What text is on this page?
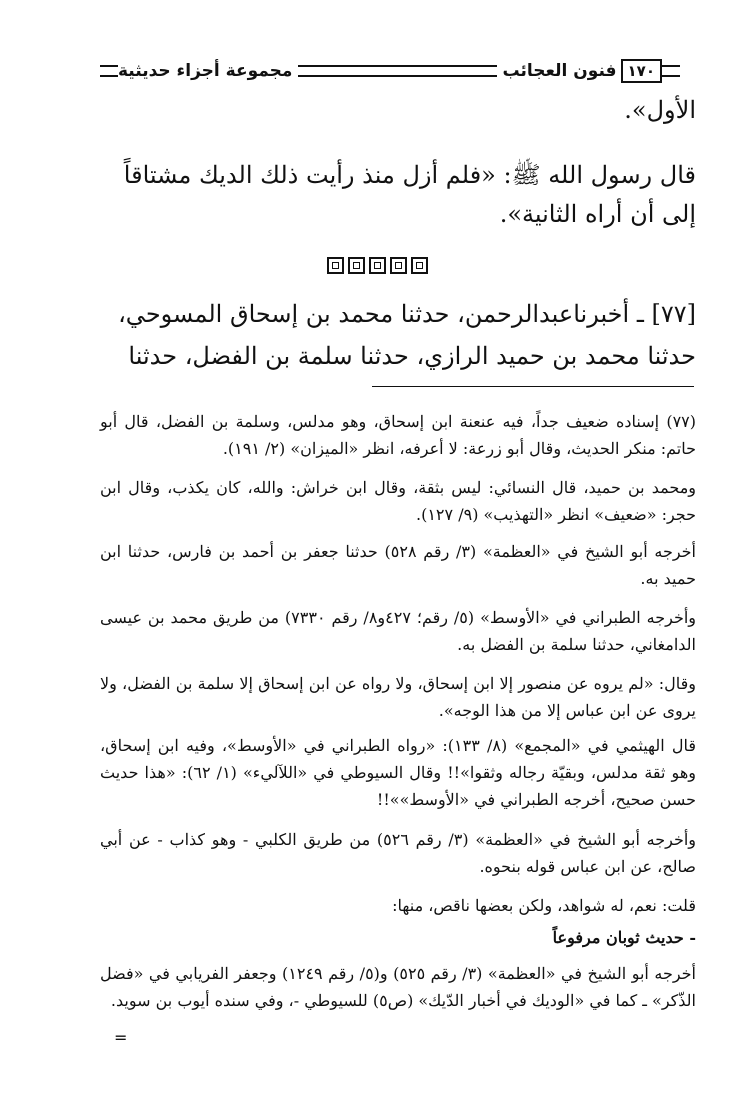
١٧٠
فنون العجائب
مجموعة أجزاء حديثية
الأول».
قال رسول الله ﷺ: «فلم أزل منذ رأيت ذلك الديك مشتاقاً
إلى أن أراه الثانية».
[٧٧] ـ أخبرناعبدالرحمن، حدثنا محمد بن إسحاق المسوحي،
حدثنا محمد بن حميد الرازي، حدثنا سلمة بن الفضل، حدثنا

(٧٧) إسناده ضعيف جداً، فيه عنعنة ابن إسحاق، وهو مدلس، وسلمة بن الفضل، قال أبو حاتم: منكر الحديث، وقال أبو زرعة: لا أعرفه، انظر «الميزان» (٢/ ١٩١).

ومحمد بن حميد، قال النسائي: ليس بثقة، وقال ابن خراش: والله، كان يكذب، وقال ابن حجر: «ضعيف» انظر «التهذيب» (٩/ ١٢٧).

أخرجه أبو الشيخ في «العظمة» (٣/ رقم ٥٢٨) حدثنا جعفر بن أحمد بن فارس، حدثنا ابن حميد به.

وأخرجه الطبراني في «الأوسط» (٥/ رقم؛ ٤٢٧و٨/ رقم ٧٣٣٠) من طريق محمد بن عيسى الدامغاني، حدثنا سلمة بن الفضل به.

وقال: «لم يروه عن منصور إلا ابن إسحاق، ولا رواه عن ابن إسحاق إلا سلمة بن الفضل، ولا يروى عن ابن عباس إلا من هذا الوجه».

قال الهيثمي في «المجمع» (٨/ ١٣٣): «رواه الطبراني في «الأوسط»، وفيه ابن إسحاق، وهو ثقة مدلس، وبقيّة رجاله وثقوا»!! وقال السيوطي في «اللآليء» (١/ ٦٢): «هذا حديث حسن صحيح، أخرجه الطبراني في «الأوسط»»!!

وأخرجه أبو الشيخ في «العظمة» (٣/ رقم ٥٢٦) من طريق الكلبي - وهو كذاب - عن أبي صالح، عن ابن عباس قوله بنحوه.

قلت: نعم، له شواهد، ولكن بعضها ناقص، منها:

- حديث ثوبان مرفوعاً

أخرجه أبو الشيخ في «العظمة» (٣/ رقم ٥٢٥) و(٥/ رقم ١٢٤٩) وجعفر الفريابي في «فضل الذّكر» ـ كما في «الوديك في أخبار الدّيك» (ص٥) للسيوطي -، وفي سنده أيوب بن سويد.

=
